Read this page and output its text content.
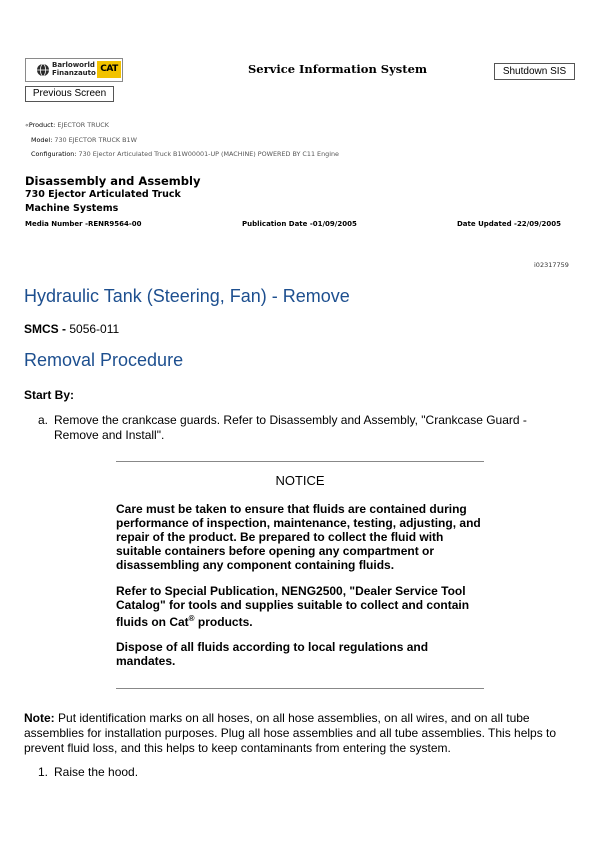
Barloworld
Finanzauto CAT	Service Information System	Shutdown SIS
Previous Screen
«Product: EJECTOR TRUCK
Model: 730 EJECTOR TRUCK B1W
Configuration: 730 Ejector Articulated Truck B1W00001-UP (MACHINE) POWERED BY C11 Engine
Disassembly and Assembly
730 Ejector Articulated Truck
Machine Systems
Media Number -RENR9564-00	Publication Date -01/09/2005	Date Updated -22/09/2005
i02317759
Hydraulic Tank (Steering, Fan) - Remove
SMCS - 5056-011
Removal Procedure
Start By:
a. Remove the crankcase guards. Refer to Disassembly and Assembly, "Crankcase Guard - Remove and Install".
NOTICE
Care must be taken to ensure that fluids are contained during performance of inspection, maintenance, testing, adjusting, and repair of the product. Be prepared to collect the fluid with suitable containers before opening any compartment or disassembling any component containing fluids.
Refer to Special Publication, NENG2500, "Dealer Service Tool Catalog" for tools and supplies suitable to collect and contain fluids on Cat® products.
Dispose of all fluids according to local regulations and mandates.
Note: Put identification marks on all hoses, on all hose assemblies, on all wires, and on all tube assemblies for installation purposes. Plug all hose assemblies and all tube assemblies. This helps to prevent fluid loss, and this helps to keep contaminants from entering the system.
1. Raise the hood.
